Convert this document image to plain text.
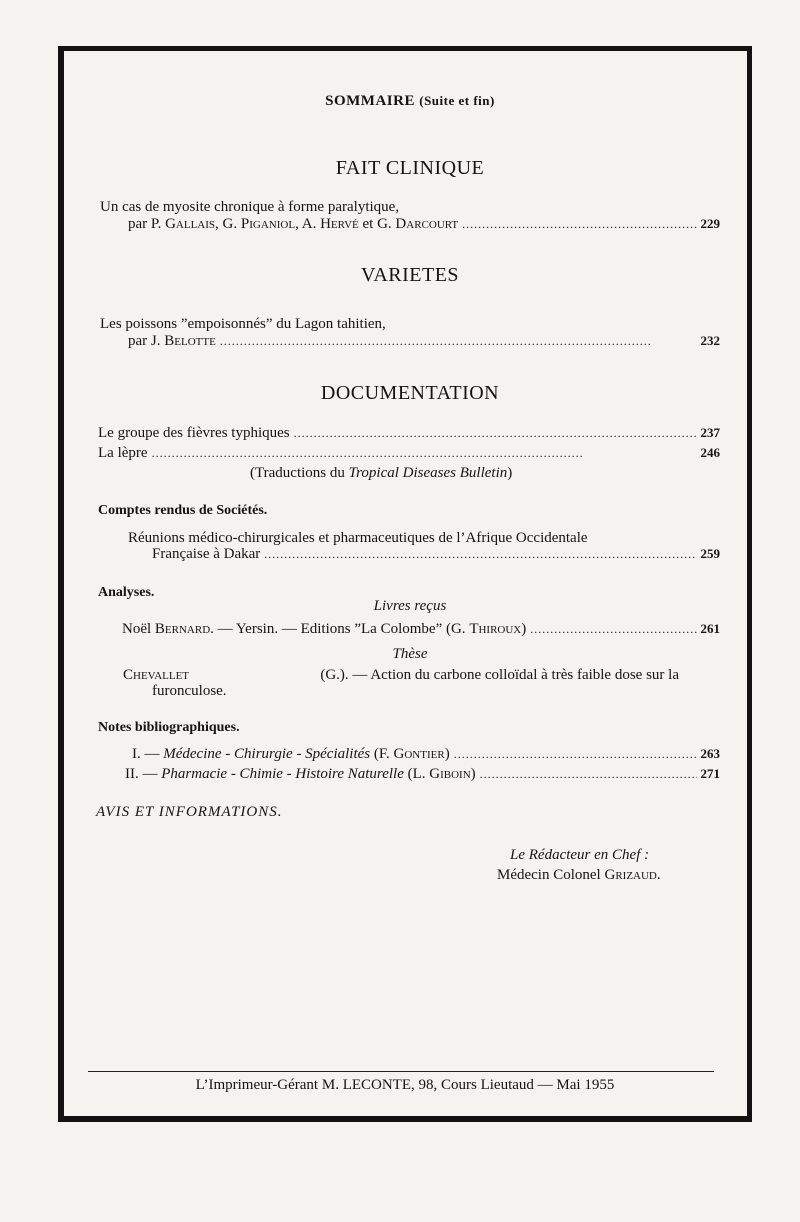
SOMMAIRE (Suite et fin)
FAIT CLINIQUE
Un cas de myosite chronique à forme paralytique,
par P. Gallais, G. Piganiol, A. Hervé et G. Darcourt . . .	229
VARIETES
Les poissons ”empoisonnés” du Lagon tahitien,
par J. Belotte . . .	232
DOCUMENTATION
Le groupe des fièvres typhiques . . .	237
La lèpre . . .	246
(Traductions du Tropical Diseases Bulletin)
Comptes rendus de Sociétés.
Réunions médico-chirurgicales et pharmaceutiques de l’Afrique Occidentale
Française à Dakar . . .	259
Analyses.
Livres reçus
Noël Bernard. — Yersin. — Editions ”La Colombe” (G. Thiroux) . . .	261
Thèse
Chevallet	(G.). — Action du carbone colloïdal à très faible dose sur la
furonculose.
Notes bibliographiques.
I. — Médecine - Chirurgie - Spécialités (F. Gontier) . . .	263
II. — Pharmacie - Chimie - Histoire Naturelle (L. Giboin) . . .	271
AVIS ET INFORMATIONS.
Le Rédacteur en Chef :
Médecin Colonel Grizaud.
L’Imprimeur-Gérant M. LECONTE, 98, Cours Lieutaud — Mai 1955
